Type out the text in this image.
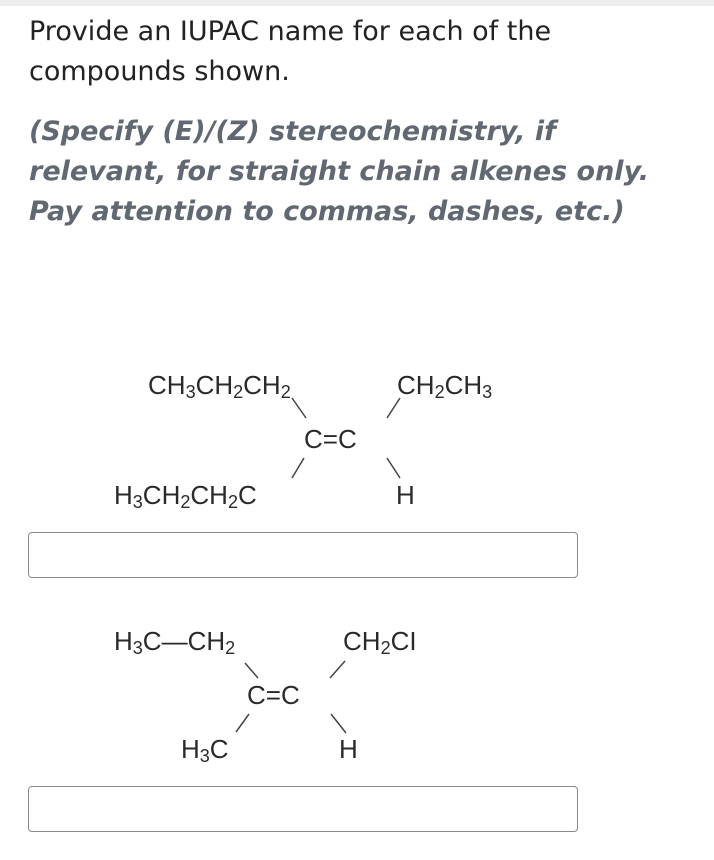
Provide an IUPAC name for each of the compounds shown.
(Specify (E)/(Z) stereochemistry, if relevant, for straight chain alkenes only. Pay attention to commas, dashes, etc.)
$CH_3CH_2CH_2$	$CH_2CH_3$
C=C
$H_3CH_2CH_2C$	H
$H_3C—CH_2$	$CH_2CI$
C=C
$H_3C$	H
